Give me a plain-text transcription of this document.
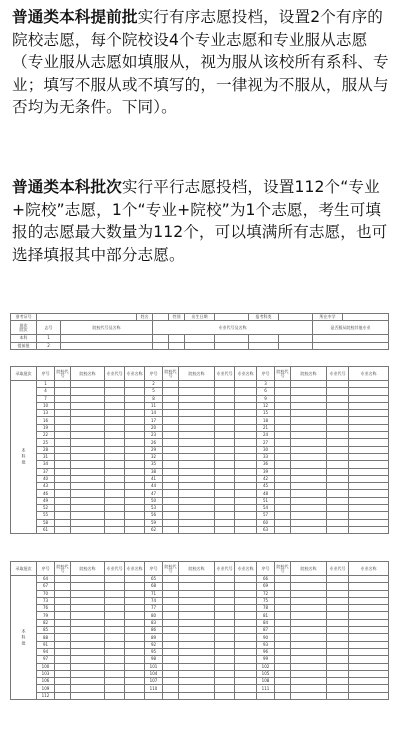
普通类本科提前批实行有序志愿投档，设置2个有序的院校志愿，每个院校设4个专业志愿和专业服从志愿（专业服从志愿如填服从，视为服从该校所有系科、专业；填写不服从或不填写的，一律视为不服从，服从与否均为无条件。下同）。
普通类本科批次实行平行志愿投档，设置112个“专业+院校”志愿，1个“专业+院校”为1个志愿，考生可填报的志愿最大数量为112个，可以填满所有志愿，也可选择填报其中部分志愿。
准考证号			姓名		性别	出生日期		报考科类		所在中学	
批次
院次	志号	院校代号及名称		专业代号及名称						是否服从院校其他专业	
本科	1										
提前批	2										
录取批次	序号	院校代号	院校名称	专业代号	专业名称	序号	院校代号	院校名称	专业代号	专业名称	序号	院校代号	院校名称	专业代号	专业名称
本科批	1					2					3				
	4					5					6				
	7					8					9				
	10					11					12				
	13					14					15				
	16					17					18				
	19					20					21				
	22					23					24				
	25					26					27				
	28					29					30				
	31					32					33				
	34					35					36				
	37					38					39				
	40					41					42				
	43					44					45				
	46					47					48				
	49					50					51				
	52					53					54				
	55					56					57				
	58					59					60				
	61					62					63				
录取批次	序号	院校代号	院校名称	专业代号	专业名称	序号	院校代号	院校名称	专业代号	专业名称	序号	院校代号	院校名称	专业代号	专业名称
本科批	64					65					66				
	67					68					69				
	70					71					72				
	73					74					75				
	76					77					78				
	79					80					81				
	82					83					84				
	85					86					87				
	88					89					90				
	91					92					93				
	94					95					96				
	97					98					99				
	100					101					102				
	103					104					105				
	106					107					108				
	109					110					111				
	112														
